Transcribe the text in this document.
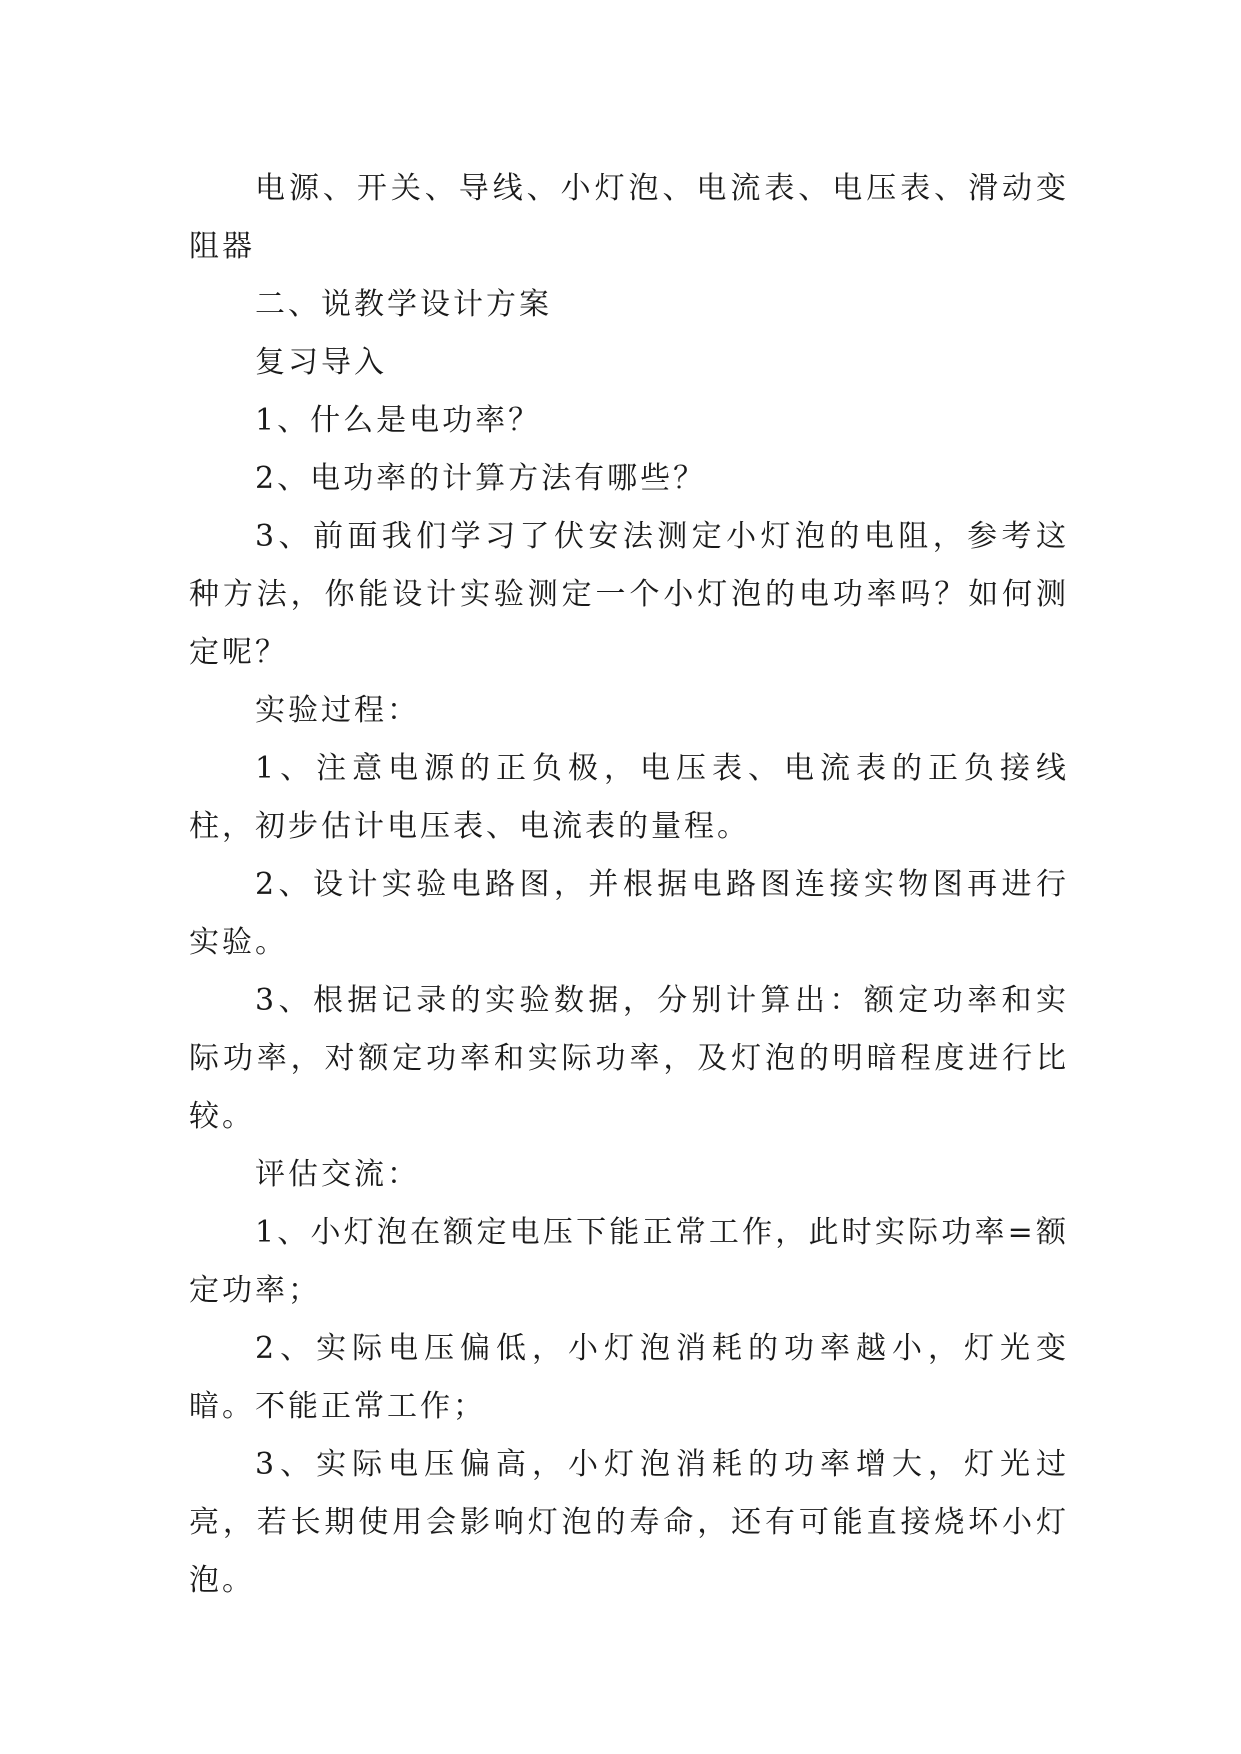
电源、开关、导线、小灯泡、电流表、电压表、滑动变阻器

二、说教学设计方案

复习导入

1、什么是电功率？

2、电功率的计算方法有哪些？

3、前面我们学习了伏安法测定小灯泡的电阻，参考这种方法，你能设计实验测定一个小灯泡的电功率吗？如何测定呢？

实验过程：

1、注意电源的正负极，电压表、电流表的正负接线柱，初步估计电压表、电流表的量程。

2、设计实验电路图，并根据电路图连接实物图再进行实验。

3、根据记录的实验数据，分别计算出：额定功率和实际功率，对额定功率和实际功率，及灯泡的明暗程度进行比较。

评估交流：

1、小灯泡在额定电压下能正常工作，此时实际功率=额定功率；

2、实际电压偏低，小灯泡消耗的功率越小，灯光变暗。不能正常工作；

3、实际电压偏高，小灯泡消耗的功率增大，灯光过亮，若长期使用会影响灯泡的寿命，还有可能直接烧坏小灯泡。
